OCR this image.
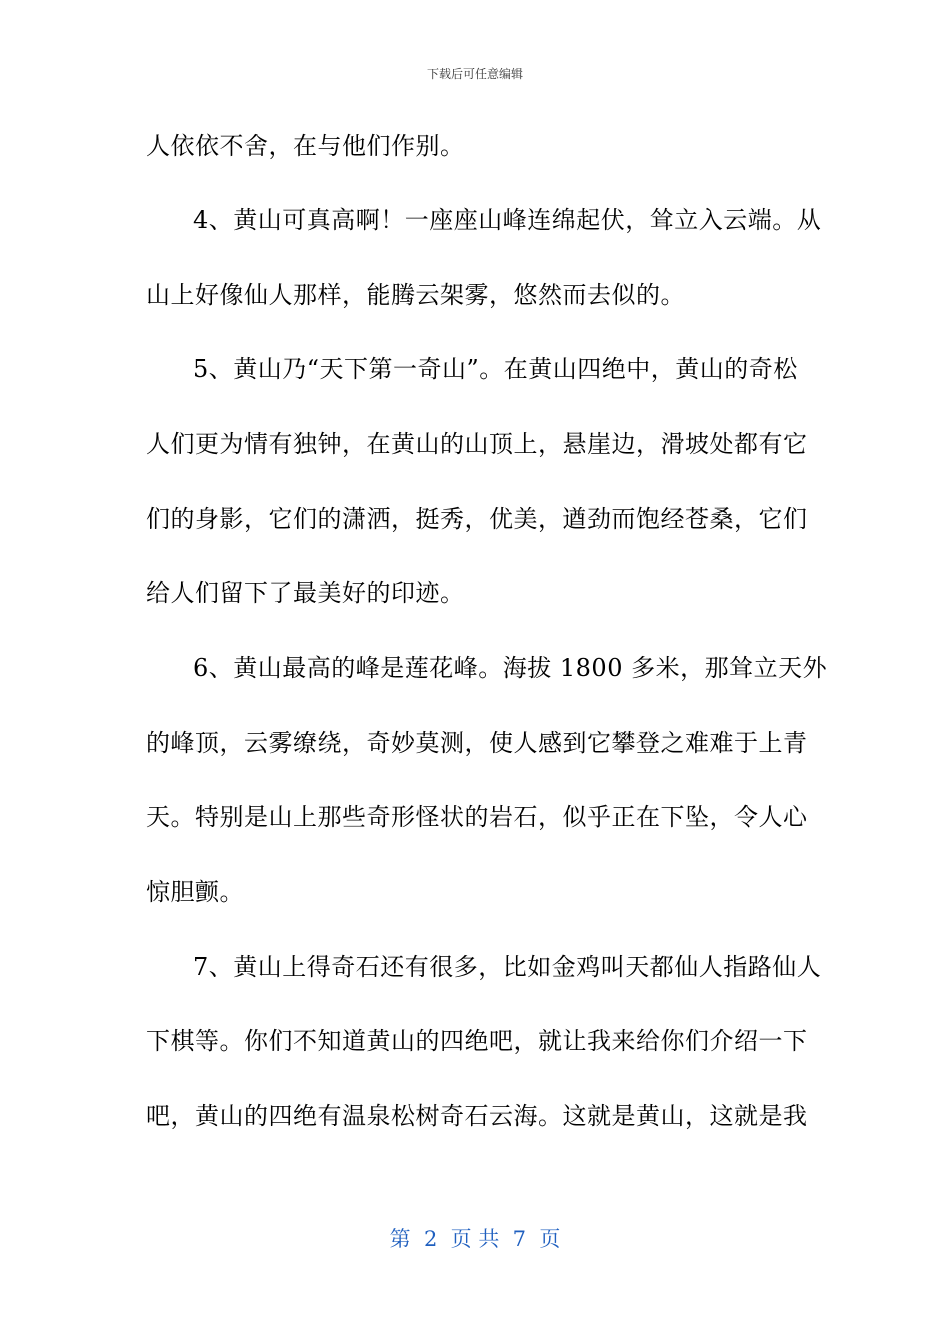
下载后可任意编辑
人依依不舍，在与他们作别。
4、黄山可真高啊！一座座山峰连绵起伏，耸立入云端。从
山上好像仙人那样，能腾云架雾，悠然而去似的。
5、黄山乃“天下第一奇山”。在黄山四绝中，黄山的奇松
人们更为情有独钟，在黄山的山顶上，悬崖边，滑坡处都有它
们的身影，它们的潇洒，挺秀，优美，遒劲而饱经苍桑，它们
给人们留下了最美好的印迹。
6、黄山最高的峰是莲花峰。海拔 1800 多米，那耸立天外
的峰顶，云雾缭绕，奇妙莫测，使人感到它攀登之难难于上青
天。特别是山上那些奇形怪状的岩石，似乎正在下坠，令人心
惊胆颤。
7、黄山上得奇石还有很多，比如金鸡叫天都仙人指路仙人
下棋等。你们不知道黄山的四绝吧，就让我来给你们介绍一下
吧，黄山的四绝有温泉松树奇石云海。这就是黄山，这就是我
第  2  页 共  7  页
